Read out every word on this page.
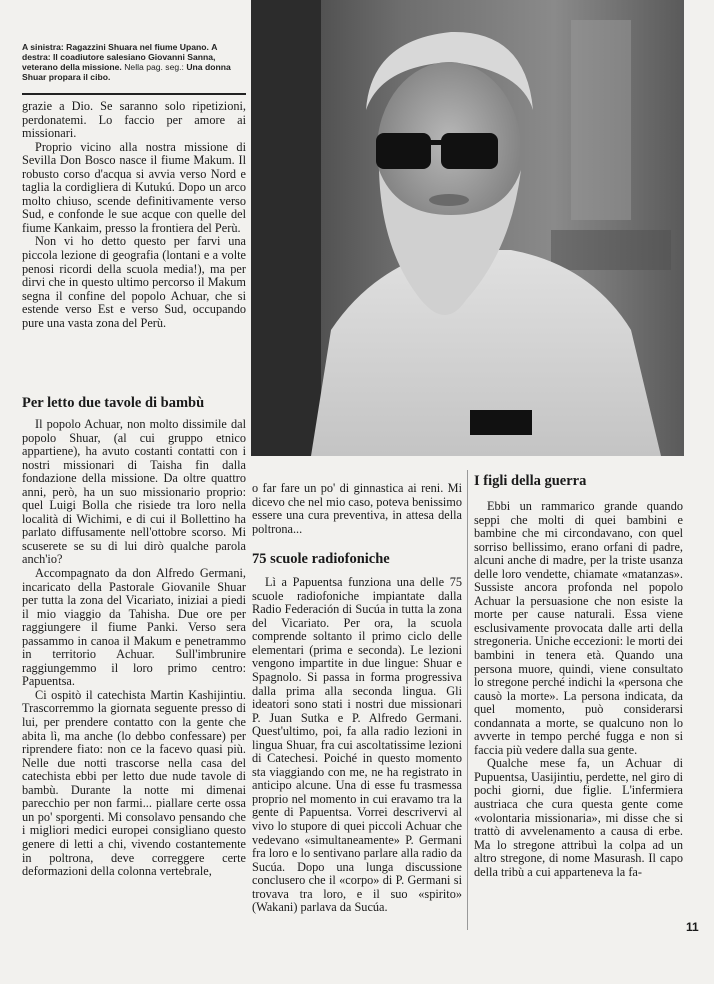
A sinistra: Ragazzini Shuara nel fiume Upano. A destra: Il coadiutore salesiano Giovanni Sanna, veterano della missione. Nella pag. seg.: Una donna Shuar propara il cibo.

grazie a Dio. Se saranno solo ripetizioni, perdonatemi. Lo faccio per amore ai missionari.

Proprio vicino alla nostra missione di Sevilla Don Bosco nasce il fiume Makum. Il robusto corso d'acqua si avvia verso Nord e taglia la cordigliera di Kutukú. Dopo un arco molto chiuso, scende definitivamente verso Sud, e confonde le sue acque con quelle del fiume Kankaim, presso la frontiera del Perù.

Non vi ho detto questo per farvi una piccola lezione di geografia (lontani e a volte penosi ricordi della scuola media!), ma per dirvi che in questo ultimo percorso il Makum segna il confine del popolo Achuar, che si estende verso Est e verso Sud, occupando pure una vasta zona del Perù.

Per letto due tavole di bambù

Il popolo Achuar, non molto dissimile dal popolo Shuar, (al cui gruppo etnico appartiene), ha avuto costanti contatti con i nostri missionari di Taisha fin dalla fondazione della missione. Da oltre quattro anni, però, ha un suo missionario proprio: quel Luigi Bolla che risiede tra loro nella località di Wichimi, e di cui il Bollettino ha parlato diffusamente nell'ottobre scorso. Mi scuserete se su di lui dirò qualche parola anch'io?

Accompagnato da don Alfredo Germani, incaricato della Pastorale Giovanile Shuar per tutta la zona del Vicariato, iniziai a piedi il mio viaggio da Tahisha. Due ore per raggiungere il fiume Panki. Verso sera passammo in canoa il Makum e penetrammo in territorio Achuar. Sull'imbrunire raggiungemmo il loro primo centro: Papuentsa.

Ci ospitò il catechista Martin Kashijintiu. Trascorremmo la giornata seguente presso di lui, per prendere contatto con la gente che abita lì, ma anche (lo debbo confessare) per riprendere fiato: non ce la facevo quasi più. Nelle due notti trascorse nella casa del catechista ebbi per letto due nude tavole di bambù. Durante la notte mi dimenai parecchio per non farmi... piallare certe ossa un po' sporgenti. Mi consolavo pensando che i migliori medici europei consigliano questo genere di letti a chi, vivendo costantemente in poltrona, deve correggere certe deformazioni della colonna vertebrale,

o far fare un po' di ginnastica ai reni. Mi dicevo che nel mio caso, poteva benissimo essere una cura preventiva, in attesa della poltrona...

75 scuole radiofoniche

Lì a Papuentsa funziona una delle 75 scuole radiofoniche impiantate dalla Radio Federación di Sucúa in tutta la zona del Vicariato. Per ora, la scuola comprende soltanto il primo ciclo delle elementari (prima e seconda). Le lezioni vengono impartite in due lingue: Shuar e Spagnolo. Si passa in forma progressiva dalla prima alla seconda lingua. Gli ideatori sono stati i nostri due missionari P. Juan Sutka e P. Alfredo Germani. Quest'ultimo, poi, fa alla radio lezioni in lingua Shuar, fra cui ascoltatissime lezioni di Catechesi. Poiché in questo momento sta viaggiando con me, ne ha registrato in anticipo alcune. Una di esse fu trasmessa proprio nel momento in cui eravamo tra la gente di Papuentsa. Vorrei descrivervi al vivo lo stupore di quei piccoli Achuar che vedevano «simultaneamente» P. Germani fra loro e lo sentivano parlare alla radio da Sucúa. Dopo una lunga discussione conclusero che il «corpo» di P. Germani si trovava tra loro, e il suo «spirito» (Wakani) parlava da Sucúa.

I figli della guerra

Ebbi un rammarico grande quando seppi che molti di quei bambini e bambine che mi circondavano, con quel sorriso bellissimo, erano orfani di padre, alcuni anche di madre, per la triste usanza delle loro vendette, chiamate «matanzas». Sussiste ancora profonda nel popolo Achuar la persuasione che non esiste la morte per cause naturali. Essa viene esclusivamente provocata dalle arti della stregoneria. Uniche eccezioni: le morti dei bambini in tenera età. Quando una persona muore, quindi, viene consultato lo stregone perché indichi la «persona che causò la morte». La persona indicata, da quel momento, può considerarsi condannata a morte, se qualcuno non lo avverte in tempo perché fugga e non si faccia più vedere dalla sua gente.

Qualche mese fa, un Achuar di Pupuentsa, Uasijintiu, perdette, nel giro di pochi giorni, due figlie. L'infermiera austriaca che cura questa gente come «volontaria missionaria», mi disse che si trattò di avvelenamento a causa di erbe. Ma lo stregone attribuì la colpa ad un altro stregone, di nome Masurash. Il capo della tribù a cui apparteneva la fa-

11
